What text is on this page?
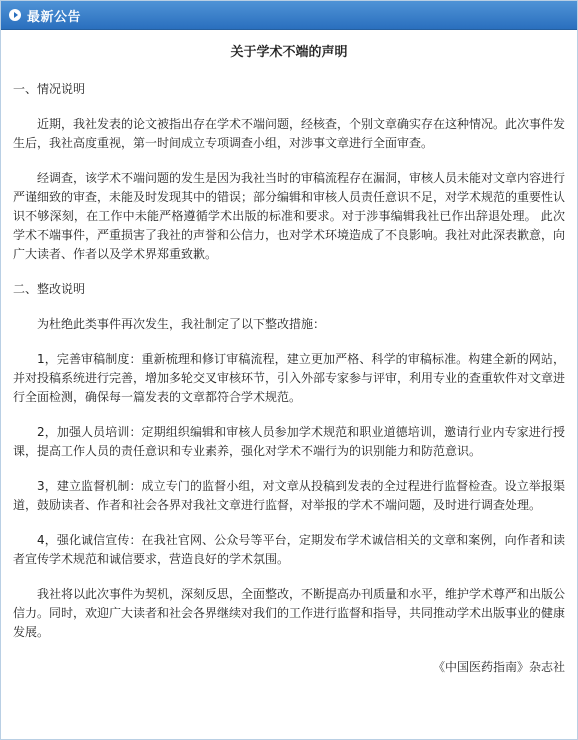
最新公告
关于学术不端的声明
一、情况说明

近期，我社发表的论文被指出存在学术不端问题，经核查，个别文章确实存在这种情况。此次事件发生后，我社高度重视，第一时间成立专项调查小组，对涉事文章进行全面审查。

经调查，该学术不端问题的发生是因为我社当时的审稿流程存在漏洞，审核人员未能对文章内容进行严谨细致的审查，未能及时发现其中的错误；部分编辑和审核人员责任意识不足，对学术规范的重要性认识不够深刻，在工作中未能严格遵循学术出版的标准和要求。对于涉事编辑我社已作出辞退处理。 此次学术不端事件，严重损害了我社的声誉和公信力，也对学术环境造成了不良影响。我社对此深表歉意，向广大读者、作者以及学术界郑重致歉。

二、整改说明

为杜绝此类事件再次发生，我社制定了以下整改措施：

1，完善审稿制度：重新梳理和修订审稿流程，建立更加严格、科学的审稿标准。构建全新的网站，并对投稿系统进行完善，增加多轮交叉审核环节，引入外部专家参与评审，利用专业的查重软件对文章进行全面检测，确保每一篇发表的文章都符合学术规范。

2，加强人员培训：定期组织编辑和审核人员参加学术规范和职业道德培训，邀请行业内专家进行授课，提高工作人员的责任意识和专业素养，强化对学术不端行为的识别能力和防范意识。

3，建立监督机制：成立专门的监督小组，对文章从投稿到发表的全过程进行监督检查。设立举报渠道，鼓励读者、作者和社会各界对我社文章进行监督，对举报的学术不端问题，及时进行调查处理。

4，强化诚信宣传：在我社官网、公众号等平台，定期发布学术诚信相关的文章和案例，向作者和读者宣传学术规范和诚信要求，营造良好的学术氛围。

我社将以此次事件为契机，深刻反思，全面整改，不断提高办刊质量和水平，维护学术尊严和出版公信力。同时，欢迎广大读者和社会各界继续对我们的工作进行监督和指导，共同推动学术出版事业的健康发展。

《中国医药指南》杂志社
